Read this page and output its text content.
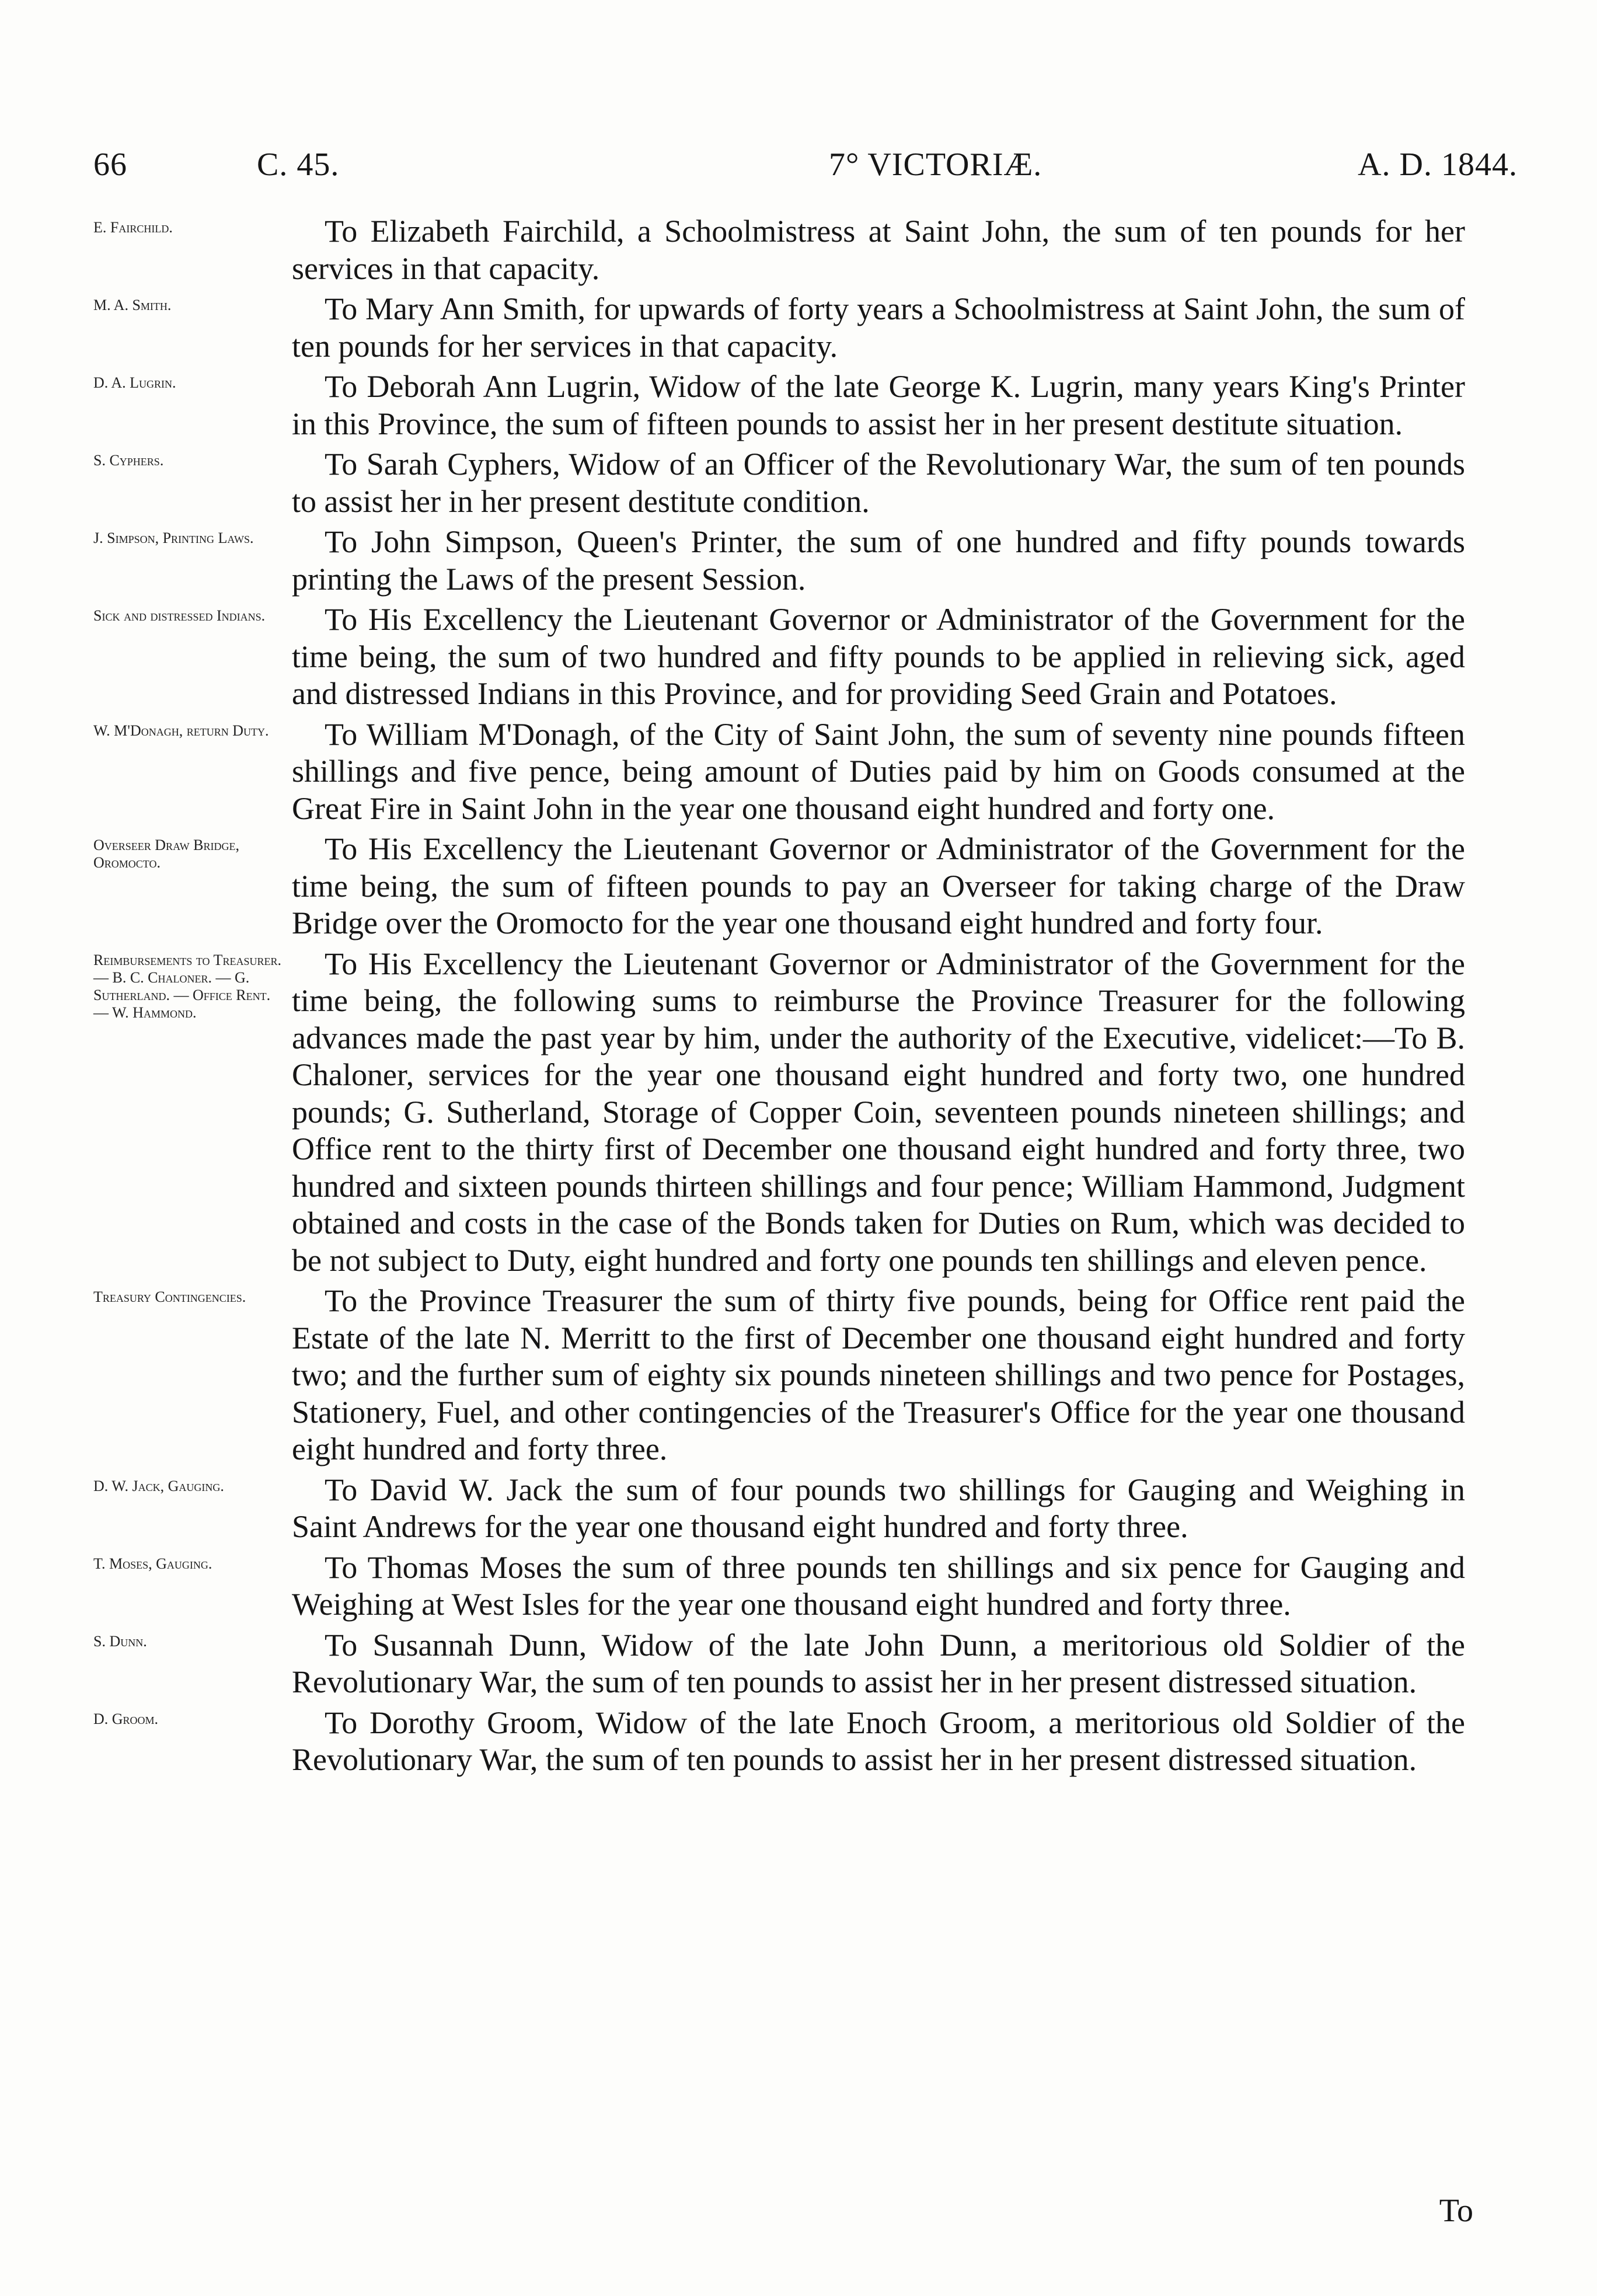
66	C. 45.	7° VICTORIÆ.	A. D. 1844.
E. Fairchild.	To Elizabeth Fairchild, a Schoolmistress at Saint John, the sum of ten pounds for her services in that capacity.
M. A. Smith.	To Mary Ann Smith, for upwards of forty years a Schoolmistress at Saint John, the sum of ten pounds for her services in that capacity.
D. A. Lugrin.	To Deborah Ann Lugrin, Widow of the late George K. Lugrin, many years King's Printer in this Province, the sum of fifteen pounds to assist her in her present destitute situation.
S. Cyphers.	To Sarah Cyphers, Widow of an Officer of the Revolutionary War, the sum of ten pounds to assist her in her present destitute condition.
J. Simpson, Printing Laws.	To John Simpson, Queen's Printer, the sum of one hundred and fifty pounds towards printing the Laws of the present Session.
Sick and distressed Indians.	To His Excellency the Lieutenant Governor or Administrator of the Government for the time being, the sum of two hundred and fifty pounds to be applied in relieving sick, aged and distressed Indians in this Province, and for providing Seed Grain and Potatoes.
W. M'Donagh, return Duty.	To William M'Donagh, of the City of Saint John, the sum of seventy nine pounds fifteen shillings and five pence, being amount of Duties paid by him on Goods consumed at the Great Fire in Saint John in the year one thousand eight hundred and forty one.
Overseer Draw Bridge, Oromocto.	To His Excellency the Lieutenant Governor or Administrator of the Government for the time being, the sum of fifteen pounds to pay an Overseer for taking charge of the Draw Bridge over the Oromocto for the year one thousand eight hundred and forty four.
Reimbursements to Treasurer. — B. C. Chaloner. — G. Sutherland. — Office Rent. — W. Hammond.
To His Excellency the Lieutenant Governor or Administrator of the Government for the time being, the following sums to reimburse the Province Treasurer for the following advances made the past year by him, under the authority of the Executive, videlicet:—To B. Chaloner, services for the year one thousand eight hundred and forty two, one hundred pounds; G. Sutherland, Storage of Copper Coin, seventeen pounds nineteen shillings; and Office rent to the thirty first of December one thousand eight hundred and forty three, two hundred and sixteen pounds thirteen shillings and four pence; William Hammond, Judgment obtained and costs in the case of the Bonds taken for Duties on Rum, which was decided to be not subject to Duty, eight hundred and forty one pounds ten shillings and eleven pence.
Treasury Contingencies.	To the Province Treasurer the sum of thirty five pounds, being for Office rent paid the Estate of the late N. Merritt to the first of December one thousand eight hundred and forty two; and the further sum of eighty six pounds nineteen shillings and two pence for Postages, Stationery, Fuel, and other contingencies of the Treasurer's Office for the year one thousand eight hundred and forty three.
D. W. Jack, Gauging.	To David W. Jack the sum of four pounds two shillings for Gauging and Weighing in Saint Andrews for the year one thousand eight hundred and forty three.
T. Moses, Gauging.	To Thomas Moses the sum of three pounds ten shillings and six pence for Gauging and Weighing at West Isles for the year one thousand eight hundred and forty three.
S. Dunn.	To Susannah Dunn, Widow of the late John Dunn, a meritorious old Soldier of the Revolutionary War, the sum of ten pounds to assist her in her present distressed situation.
D. Groom.	To Dorothy Groom, Widow of the late Enoch Groom, a meritorious old Soldier of the Revolutionary War, the sum of ten pounds to assist her in her present distressed situation.
To
